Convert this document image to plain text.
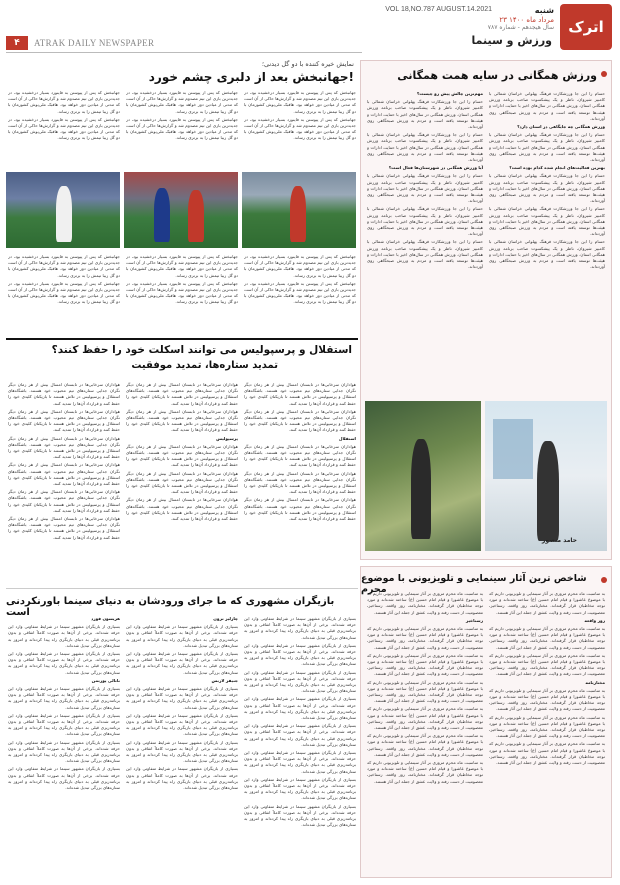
۴	ATRAK DAILY NEWSPAPER
اترک
شنبه
۲۳ مرداد ماه ۱۴۰۰
VOL 18,NO.787 AUGUST.14.2021
سال هیجدهم - شماره ۷۸۷
ورزش و سینما
ورزش همگانی در سایه همت همگانی

حسام را این جا ورزشکارت فرهنگ پهلوانی خراسان شمالی با کامبیز شیروان، ناظر و یک پیشکسوت صاحب برنامه ورزش همگانی استان. ورزش همگانی در سال‌های اخیر با حمایت ادارات و هیئت‌ها توسعه یافته است و مردم به ورزش صبحگاهی روی آورده‌اند.

ورزش همگانی چه جایگاهی در استان دارد؟

حسام را این جا ورزشکارت فرهنگ پهلوانی خراسان شمالی با کامبیز شیروان، ناظر و یک پیشکسوت صاحب برنامه ورزش همگانی استان. ورزش همگانی در سال‌های اخیر با حمایت ادارات و هیئت‌ها توسعه یافته است و مردم به ورزش صبحگاهی روی آورده‌اند.

بهترین فعالیت‌های انجام شده کدام بوده است؟

حسام را این جا ورزشکارت فرهنگ پهلوانی خراسان شمالی با کامبیز شیروان، ناظر و یک پیشکسوت صاحب برنامه ورزش همگانی استان. ورزش همگانی در سال‌های اخیر با حمایت ادارات و هیئت‌ها توسعه یافته است و مردم به ورزش صبحگاهی روی آورده‌اند.

حسام را این جا ورزشکارت فرهنگ پهلوانی خراسان شمالی با کامبیز شیروان، ناظر و یک پیشکسوت صاحب برنامه ورزش همگانی استان. ورزش همگانی در سال‌های اخیر با حمایت ادارات و هیئت‌ها توسعه یافته است و مردم به ورزش صبحگاهی روی آورده‌اند.

حسام را این جا ورزشکارت فرهنگ پهلوانی خراسان شمالی با کامبیز شیروان، ناظر و یک پیشکسوت صاحب برنامه ورزش همگانی استان. ورزش همگانی در سال‌های اخیر با حمایت ادارات و هیئت‌ها توسعه یافته است و مردم به ورزش صبحگاهی روی آورده‌اند.

مهم‌ترین چالش پیش رو چیست؟

حسام را این جا ورزشکارت فرهنگ پهلوانی خراسان شمالی با کامبیز شیروان، ناظر و یک پیشکسوت صاحب برنامه ورزش همگانی استان. ورزش همگانی در سال‌های اخیر با حمایت ادارات و هیئت‌ها توسعه یافته است و مردم به ورزش صبحگاهی روی آورده‌اند.

حسام را این جا ورزشکارت فرهنگ پهلوانی خراسان شمالی با کامبیز شیروان، ناظر و یک پیشکسوت صاحب برنامه ورزش همگانی استان. ورزش همگانی در سال‌های اخیر با حمایت ادارات و هیئت‌ها توسعه یافته است و مردم به ورزش صبحگاهی روی آورده‌اند.

آیا ورزش همگانی در شهرستان‌ها فعال است؟

حسام را این جا ورزشکارت فرهنگ پهلوانی خراسان شمالی با کامبیز شیروان، ناظر و یک پیشکسوت صاحب برنامه ورزش همگانی استان. ورزش همگانی در سال‌های اخیر با حمایت ادارات و هیئت‌ها توسعه یافته است و مردم به ورزش صبحگاهی روی آورده‌اند.

حسام را این جا ورزشکارت فرهنگ پهلوانی خراسان شمالی با کامبیز شیروان، ناظر و یک پیشکسوت صاحب برنامه ورزش همگانی استان. ورزش همگانی در سال‌های اخیر با حمایت ادارات و هیئت‌ها توسعه یافته است و مردم به ورزش صبحگاهی روی آورده‌اند.

حسام را این جا ورزشکارت فرهنگ پهلوانی خراسان شمالی با کامبیز شیروان، ناظر و یک پیشکسوت صاحب برنامه ورزش همگانی استان. ورزش همگانی در سال‌های اخیر با حمایت ادارات و هیئت‌ها توسعه یافته است و مردم به ورزش صبحگاهی روی آورده‌اند.

حامد منصور
شاخص ترین آثار سینمایی و تلویزیونی با موضوع محرم	به مناسبت ماه محرم مروری بر آثار سینمایی و تلویزیونی داریم که با موضوع عاشورا و قیام امام حسین (ع) ساخته شده‌اند و مورد توجه مخاطبان قرار گرفته‌اند. مختارنامه، روز واقعه، رستاخیز، معصومیت از دست رفته و ولایت عشق از جمله این آثار هستند.

روز واقعه

به مناسبت ماه محرم مروری بر آثار سینمایی و تلویزیونی داریم که با موضوع عاشورا و قیام امام حسین (ع) ساخته شده‌اند و مورد توجه مخاطبان قرار گرفته‌اند. مختارنامه، روز واقعه، رستاخیز، معصومیت از دست رفته و ولایت عشق از جمله این آثار هستند.

به مناسبت ماه محرم مروری بر آثار سینمایی و تلویزیونی داریم که با موضوع عاشورا و قیام امام حسین (ع) ساخته شده‌اند و مورد توجه مخاطبان قرار گرفته‌اند. مختارنامه، روز واقعه، رستاخیز، معصومیت از دست رفته و ولایت عشق از جمله این آثار هستند.

مختارنامه

به مناسبت ماه محرم مروری بر آثار سینمایی و تلویزیونی داریم که با موضوع عاشورا و قیام امام حسین (ع) ساخته شده‌اند و مورد توجه مخاطبان قرار گرفته‌اند. مختارنامه، روز واقعه، رستاخیز، معصومیت از دست رفته و ولایت عشق از جمله این آثار هستند.

به مناسبت ماه محرم مروری بر آثار سینمایی و تلویزیونی داریم که با موضوع عاشورا و قیام امام حسین (ع) ساخته شده‌اند و مورد توجه مخاطبان قرار گرفته‌اند. مختارنامه، روز واقعه، رستاخیز، معصومیت از دست رفته و ولایت عشق از جمله این آثار هستند.

به مناسبت ماه محرم مروری بر آثار سینمایی و تلویزیونی داریم که با موضوع عاشورا و قیام امام حسین (ع) ساخته شده‌اند و مورد توجه مخاطبان قرار گرفته‌اند. مختارنامه، روز واقعه، رستاخیز، معصومیت از دست رفته و ولایت عشق از جمله این آثار هستند.

به مناسبت ماه محرم مروری بر آثار سینمایی و تلویزیونی داریم که با موضوع عاشورا و قیام امام حسین (ع) ساخته شده‌اند و مورد توجه مخاطبان قرار گرفته‌اند. مختارنامه، روز واقعه، رستاخیز، معصومیت از دست رفته و ولایت عشق از جمله این آثار هستند.

رستاخیز

به مناسبت ماه محرم مروری بر آثار سینمایی و تلویزیونی داریم که با موضوع عاشورا و قیام امام حسین (ع) ساخته شده‌اند و مورد توجه مخاطبان قرار گرفته‌اند. مختارنامه، روز واقعه، رستاخیز، معصومیت از دست رفته و ولایت عشق از جمله این آثار هستند.

به مناسبت ماه محرم مروری بر آثار سینمایی و تلویزیونی داریم که با موضوع عاشورا و قیام امام حسین (ع) ساخته شده‌اند و مورد توجه مخاطبان قرار گرفته‌اند. مختارنامه، روز واقعه، رستاخیز، معصومیت از دست رفته و ولایت عشق از جمله این آثار هستند.

به مناسبت ماه محرم مروری بر آثار سینمایی و تلویزیونی داریم که با موضوع عاشورا و قیام امام حسین (ع) ساخته شده‌اند و مورد توجه مخاطبان قرار گرفته‌اند. مختارنامه، روز واقعه، رستاخیز، معصومیت از دست رفته و ولایت عشق از جمله این آثار هستند.

به مناسبت ماه محرم مروری بر آثار سینمایی و تلویزیونی داریم که با موضوع عاشورا و قیام امام حسین (ع) ساخته شده‌اند و مورد توجه مخاطبان قرار گرفته‌اند. مختارنامه، روز واقعه، رستاخیز، معصومیت از دست رفته و ولایت عشق از جمله این آثار هستند.

به مناسبت ماه محرم مروری بر آثار سینمایی و تلویزیونی داریم که با موضوع عاشورا و قیام امام حسین (ع) ساخته شده‌اند و مورد توجه مخاطبان قرار گرفته‌اند. مختارنامه، روز واقعه، رستاخیز، معصومیت از دست رفته و ولایت عشق از جمله این آثار هستند.

به مناسبت ماه محرم مروری بر آثار سینمایی و تلویزیونی داریم که با موضوع عاشورا و قیام امام حسین (ع) ساخته شده‌اند و مورد توجه مخاطبان قرار گرفته‌اند. مختارنامه، روز واقعه، رستاخیز، معصومیت از دست رفته و ولایت عشق از جمله این آثار هستند.

نمایش خیره کننده با دو گل دیدنی؛
جهانبخش بعد از دلبری چشم خورد!

جهانبخش که پس از پیوستن به فاینورد بسیار درخشیده بود، در جدیدترین بازی این تیم مصدوم شد و گزارش‌ها حاکی از آن است که مدتی از میادین دور خواهد بود. هافبک ملی‌پوش کشورمان با دو گل زیبا تیمش را به برتری رساند.

جهانبخش که پس از پیوستن به فاینورد بسیار درخشیده بود، در جدیدترین بازی این تیم مصدوم شد و گزارش‌ها حاکی از آن است که مدتی از میادین دور خواهد بود. هافبک ملی‌پوش کشورمان با دو گل زیبا تیمش را به برتری رساند.

جهانبخش که پس از پیوستن به فاینورد بسیار درخشیده بود، در جدیدترین بازی این تیم مصدوم شد و گزارش‌ها حاکی از آن است که مدتی از میادین دور خواهد بود. هافبک ملی‌پوش کشورمان با دو گل زیبا تیمش را به برتری رساند.

جهانبخش که پس از پیوستن به فاینورد بسیار درخشیده بود، در جدیدترین بازی این تیم مصدوم شد و گزارش‌ها حاکی از آن است که مدتی از میادین دور خواهد بود. هافبک ملی‌پوش کشورمان با دو گل زیبا تیمش را به برتری رساند.

جهانبخش که پس از پیوستن به فاینورد بسیار درخشیده بود، در جدیدترین بازی این تیم مصدوم شد و گزارش‌ها حاکی از آن است که مدتی از میادین دور خواهد بود. هافبک ملی‌پوش کشورمان با دو گل زیبا تیمش را به برتری رساند.

جهانبخش که پس از پیوستن به فاینورد بسیار درخشیده بود، در جدیدترین بازی این تیم مصدوم شد و گزارش‌ها حاکی از آن است که مدتی از میادین دور خواهد بود. هافبک ملی‌پوش کشورمان با دو گل زیبا تیمش را به برتری رساند.

جهانبخش که پس از پیوستن به فاینورد بسیار درخشیده بود، در جدیدترین بازی این تیم مصدوم شد و گزارش‌ها حاکی از آن است که مدتی از میادین دور خواهد بود. هافبک ملی‌پوش کشورمان با دو گل زیبا تیمش را به برتری رساند.

جهانبخش که پس از پیوستن به فاینورد بسیار درخشیده بود، در جدیدترین بازی این تیم مصدوم شد و گزارش‌ها حاکی از آن است که مدتی از میادین دور خواهد بود. هافبک ملی‌پوش کشورمان با دو گل زیبا تیمش را به برتری رساند.

جهانبخش که پس از پیوستن به فاینورد بسیار درخشیده بود، در جدیدترین بازی این تیم مصدوم شد و گزارش‌ها حاکی از آن است که مدتی از میادین دور خواهد بود. هافبک ملی‌پوش کشورمان با دو گل زیبا تیمش را به برتری رساند.

جهانبخش که پس از پیوستن به فاینورد بسیار درخشیده بود، در جدیدترین بازی این تیم مصدوم شد و گزارش‌ها حاکی از آن است که مدتی از میادین دور خواهد بود. هافبک ملی‌پوش کشورمان با دو گل زیبا تیمش را به برتری رساند.

جهانبخش که پس از پیوستن به فاینورد بسیار درخشیده بود، در جدیدترین بازی این تیم مصدوم شد و گزارش‌ها حاکی از آن است که مدتی از میادین دور خواهد بود. هافبک ملی‌پوش کشورمان با دو گل زیبا تیمش را به برتری رساند.

جهانبخش که پس از پیوستن به فاینورد بسیار درخشیده بود، در جدیدترین بازی این تیم مصدوم شد و گزارش‌ها حاکی از آن است که مدتی از میادین دور خواهد بود. هافبک ملی‌پوش کشورمان با دو گل زیبا تیمش را به برتری رساند.

استقلال و پرسپولیس می توانند اسکلت خود را حفظ کنند؟
تمدید ستاره‌ها، تمدید موفقیت

هواداران سرخابی‌ها در تابستان امسال بیش از هر زمان دیگر نگران جدایی ستاره‌های تیم محبوب خود هستند. باشگاه‌های استقلال و پرسپولیس در تلاش هستند تا بازیکنان کلیدی خود را حفظ کنند و قرارداد آن‌ها را تمدید کنند.

هواداران سرخابی‌ها در تابستان امسال بیش از هر زمان دیگر نگران جدایی ستاره‌های تیم محبوب خود هستند. باشگاه‌های استقلال و پرسپولیس در تلاش هستند تا بازیکنان کلیدی خود را حفظ کنند و قرارداد آن‌ها را تمدید کنند.

استقلال

هواداران سرخابی‌ها در تابستان امسال بیش از هر زمان دیگر نگران جدایی ستاره‌های تیم محبوب خود هستند. باشگاه‌های استقلال و پرسپولیس در تلاش هستند تا بازیکنان کلیدی خود را حفظ کنند و قرارداد آن‌ها را تمدید کنند.

هواداران سرخابی‌ها در تابستان امسال بیش از هر زمان دیگر نگران جدایی ستاره‌های تیم محبوب خود هستند. باشگاه‌های استقلال و پرسپولیس در تلاش هستند تا بازیکنان کلیدی خود را حفظ کنند و قرارداد آن‌ها را تمدید کنند.

هواداران سرخابی‌ها در تابستان امسال بیش از هر زمان دیگر نگران جدایی ستاره‌های تیم محبوب خود هستند. باشگاه‌های استقلال و پرسپولیس در تلاش هستند تا بازیکنان کلیدی خود را حفظ کنند و قرارداد آن‌ها را تمدید کنند.

هواداران سرخابی‌ها در تابستان امسال بیش از هر زمان دیگر نگران جدایی ستاره‌های تیم محبوب خود هستند. باشگاه‌های استقلال و پرسپولیس در تلاش هستند تا بازیکنان کلیدی خود را حفظ کنند و قرارداد آن‌ها را تمدید کنند.

هواداران سرخابی‌ها در تابستان امسال بیش از هر زمان دیگر نگران جدایی ستاره‌های تیم محبوب خود هستند. باشگاه‌های استقلال و پرسپولیس در تلاش هستند تا بازیکنان کلیدی خود را حفظ کنند و قرارداد آن‌ها را تمدید کنند.

پرسپولیس

هواداران سرخابی‌ها در تابستان امسال بیش از هر زمان دیگر نگران جدایی ستاره‌های تیم محبوب خود هستند. باشگاه‌های استقلال و پرسپولیس در تلاش هستند تا بازیکنان کلیدی خود را حفظ کنند و قرارداد آن‌ها را تمدید کنند.

هواداران سرخابی‌ها در تابستان امسال بیش از هر زمان دیگر نگران جدایی ستاره‌های تیم محبوب خود هستند. باشگاه‌های استقلال و پرسپولیس در تلاش هستند تا بازیکنان کلیدی خود را حفظ کنند و قرارداد آن‌ها را تمدید کنند.

هواداران سرخابی‌ها در تابستان امسال بیش از هر زمان دیگر نگران جدایی ستاره‌های تیم محبوب خود هستند. باشگاه‌های استقلال و پرسپولیس در تلاش هستند تا بازیکنان کلیدی خود را حفظ کنند و قرارداد آن‌ها را تمدید کنند.

هواداران سرخابی‌ها در تابستان امسال بیش از هر زمان دیگر نگران جدایی ستاره‌های تیم محبوب خود هستند. باشگاه‌های استقلال و پرسپولیس در تلاش هستند تا بازیکنان کلیدی خود را حفظ کنند و قرارداد آن‌ها را تمدید کنند.

هواداران سرخابی‌ها در تابستان امسال بیش از هر زمان دیگر نگران جدایی ستاره‌های تیم محبوب خود هستند. باشگاه‌های استقلال و پرسپولیس در تلاش هستند تا بازیکنان کلیدی خود را حفظ کنند و قرارداد آن‌ها را تمدید کنند.

هواداران سرخابی‌ها در تابستان امسال بیش از هر زمان دیگر نگران جدایی ستاره‌های تیم محبوب خود هستند. باشگاه‌های استقلال و پرسپولیس در تلاش هستند تا بازیکنان کلیدی خود را حفظ کنند و قرارداد آن‌ها را تمدید کنند.

هواداران سرخابی‌ها در تابستان امسال بیش از هر زمان دیگر نگران جدایی ستاره‌های تیم محبوب خود هستند. باشگاه‌های استقلال و پرسپولیس در تلاش هستند تا بازیکنان کلیدی خود را حفظ کنند و قرارداد آن‌ها را تمدید کنند.

هواداران سرخابی‌ها در تابستان امسال بیش از هر زمان دیگر نگران جدایی ستاره‌های تیم محبوب خود هستند. باشگاه‌های استقلال و پرسپولیس در تلاش هستند تا بازیکنان کلیدی خود را حفظ کنند و قرارداد آن‌ها را تمدید کنند.

هواداران سرخابی‌ها در تابستان امسال بیش از هر زمان دیگر نگران جدایی ستاره‌های تیم محبوب خود هستند. باشگاه‌های استقلال و پرسپولیس در تلاش هستند تا بازیکنان کلیدی خود را حفظ کنند و قرارداد آن‌ها را تمدید کنند.

بازیگران مشهوری که ما جرای ورودشان به دنیای سینما باورنکردنی است

بسیاری از بازیگران مشهور سینما در شرایط متفاوتی وارد این حرفه شده‌اند. برخی از آن‌ها به صورت کاملاً اتفاقی و بدون برنامه‌ریزی قبلی به دنیای بازیگری راه پیدا کرده‌اند و امروز به ستاره‌های بزرگی تبدیل شده‌اند.

بسیاری از بازیگران مشهور سینما در شرایط متفاوتی وارد این حرفه شده‌اند. برخی از آن‌ها به صورت کاملاً اتفاقی و بدون برنامه‌ریزی قبلی به دنیای بازیگری راه پیدا کرده‌اند و امروز به ستاره‌های بزرگی تبدیل شده‌اند.

بسیاری از بازیگران مشهور سینما در شرایط متفاوتی وارد این حرفه شده‌اند. برخی از آن‌ها به صورت کاملاً اتفاقی و بدون برنامه‌ریزی قبلی به دنیای بازیگری راه پیدا کرده‌اند و امروز به ستاره‌های بزرگی تبدیل شده‌اند.

بسیاری از بازیگران مشهور سینما در شرایط متفاوتی وارد این حرفه شده‌اند. برخی از آن‌ها به صورت کاملاً اتفاقی و بدون برنامه‌ریزی قبلی به دنیای بازیگری راه پیدا کرده‌اند و امروز به ستاره‌های بزرگی تبدیل شده‌اند.

بسیاری از بازیگران مشهور سینما در شرایط متفاوتی وارد این حرفه شده‌اند. برخی از آن‌ها به صورت کاملاً اتفاقی و بدون برنامه‌ریزی قبلی به دنیای بازیگری راه پیدا کرده‌اند و امروز به ستاره‌های بزرگی تبدیل شده‌اند.

بسیاری از بازیگران مشهور سینما در شرایط متفاوتی وارد این حرفه شده‌اند. برخی از آن‌ها به صورت کاملاً اتفاقی و بدون برنامه‌ریزی قبلی به دنیای بازیگری راه پیدا کرده‌اند و امروز به ستاره‌های بزرگی تبدیل شده‌اند.

بسیاری از بازیگران مشهور سینما در شرایط متفاوتی وارد این حرفه شده‌اند. برخی از آن‌ها به صورت کاملاً اتفاقی و بدون برنامه‌ریزی قبلی به دنیای بازیگری راه پیدا کرده‌اند و امروز به ستاره‌های بزرگی تبدیل شده‌اند.

بسیاری از بازیگران مشهور سینما در شرایط متفاوتی وارد این حرفه شده‌اند. برخی از آن‌ها به صورت کاملاً اتفاقی و بدون برنامه‌ریزی قبلی به دنیای بازیگری راه پیدا کرده‌اند و امروز به ستاره‌های بزرگی تبدیل شده‌اند.

چارلیز ترون

بسیاری از بازیگران مشهور سینما در شرایط متفاوتی وارد این حرفه شده‌اند. برخی از آن‌ها به صورت کاملاً اتفاقی و بدون برنامه‌ریزی قبلی به دنیای بازیگری راه پیدا کرده‌اند و امروز به ستاره‌های بزرگی تبدیل شده‌اند.

بسیاری از بازیگران مشهور سینما در شرایط متفاوتی وارد این حرفه شده‌اند. برخی از آن‌ها به صورت کاملاً اتفاقی و بدون برنامه‌ریزی قبلی به دنیای بازیگری راه پیدا کرده‌اند و امروز به ستاره‌های بزرگی تبدیل شده‌اند.

جنیفر لارنس

بسیاری از بازیگران مشهور سینما در شرایط متفاوتی وارد این حرفه شده‌اند. برخی از آن‌ها به صورت کاملاً اتفاقی و بدون برنامه‌ریزی قبلی به دنیای بازیگری راه پیدا کرده‌اند و امروز به ستاره‌های بزرگی تبدیل شده‌اند.

بسیاری از بازیگران مشهور سینما در شرایط متفاوتی وارد این حرفه شده‌اند. برخی از آن‌ها به صورت کاملاً اتفاقی و بدون برنامه‌ریزی قبلی به دنیای بازیگری راه پیدا کرده‌اند و امروز به ستاره‌های بزرگی تبدیل شده‌اند.

بسیاری از بازیگران مشهور سینما در شرایط متفاوتی وارد این حرفه شده‌اند. برخی از آن‌ها به صورت کاملاً اتفاقی و بدون برنامه‌ریزی قبلی به دنیای بازیگری راه پیدا کرده‌اند و امروز به ستاره‌های بزرگی تبدیل شده‌اند.

بسیاری از بازیگران مشهور سینما در شرایط متفاوتی وارد این حرفه شده‌اند. برخی از آن‌ها به صورت کاملاً اتفاقی و بدون برنامه‌ریزی قبلی به دنیای بازیگری راه پیدا کرده‌اند و امروز به ستاره‌های بزرگی تبدیل شده‌اند.

هریسون فورد

بسیاری از بازیگران مشهور سینما در شرایط متفاوتی وارد این حرفه شده‌اند. برخی از آن‌ها به صورت کاملاً اتفاقی و بدون برنامه‌ریزی قبلی به دنیای بازیگری راه پیدا کرده‌اند و امروز به ستاره‌های بزرگی تبدیل شده‌اند.

بسیاری از بازیگران مشهور سینما در شرایط متفاوتی وارد این حرفه شده‌اند. برخی از آن‌ها به صورت کاملاً اتفاقی و بدون برنامه‌ریزی قبلی به دنیای بازیگری راه پیدا کرده‌اند و امروز به ستاره‌های بزرگی تبدیل شده‌اند.

ناتالی پورتمن

بسیاری از بازیگران مشهور سینما در شرایط متفاوتی وارد این حرفه شده‌اند. برخی از آن‌ها به صورت کاملاً اتفاقی و بدون برنامه‌ریزی قبلی به دنیای بازیگری راه پیدا کرده‌اند و امروز به ستاره‌های بزرگی تبدیل شده‌اند.

بسیاری از بازیگران مشهور سینما در شرایط متفاوتی وارد این حرفه شده‌اند. برخی از آن‌ها به صورت کاملاً اتفاقی و بدون برنامه‌ریزی قبلی به دنیای بازیگری راه پیدا کرده‌اند و امروز به ستاره‌های بزرگی تبدیل شده‌اند.

بسیاری از بازیگران مشهور سینما در شرایط متفاوتی وارد این حرفه شده‌اند. برخی از آن‌ها به صورت کاملاً اتفاقی و بدون برنامه‌ریزی قبلی به دنیای بازیگری راه پیدا کرده‌اند و امروز به ستاره‌های بزرگی تبدیل شده‌اند.

بسیاری از بازیگران مشهور سینما در شرایط متفاوتی وارد این حرفه شده‌اند. برخی از آن‌ها به صورت کاملاً اتفاقی و بدون برنامه‌ریزی قبلی به دنیای بازیگری راه پیدا کرده‌اند و امروز به ستاره‌های بزرگی تبدیل شده‌اند.
